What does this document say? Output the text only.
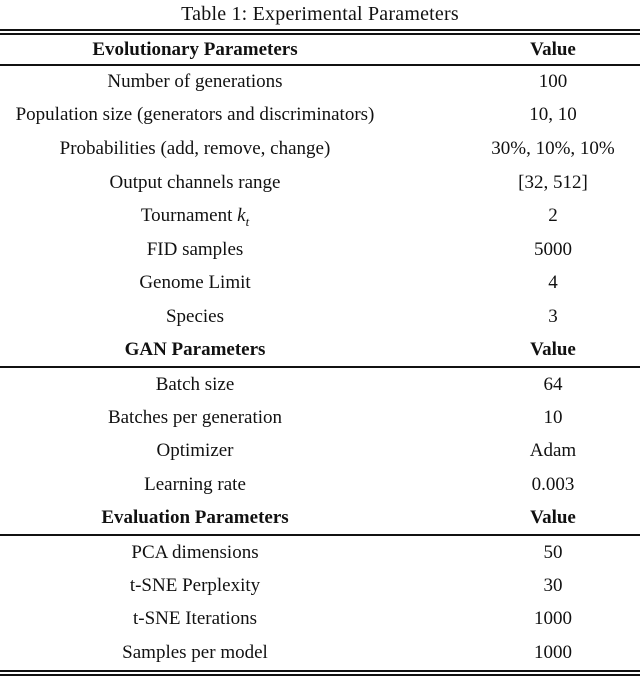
Table 1: Experimental Parameters
Evolutionary Parameters	Value
Number of generations	100
Population size (generators and discriminators)	10, 10
Probabilities (add, remove, change)	30%, 10%, 10%
Output channels range	[32, 512]
Tournament $k_t$	2
FID samples	5000
Genome Limit	4
Species	3
GAN Parameters	Value
Batch size	64
Batches per generation	10
Optimizer	Adam
Learning rate	0.003
Evaluation Parameters	Value
PCA dimensions	50
t-SNE Perplexity	30
t-SNE Iterations	1000
Samples per model	1000
